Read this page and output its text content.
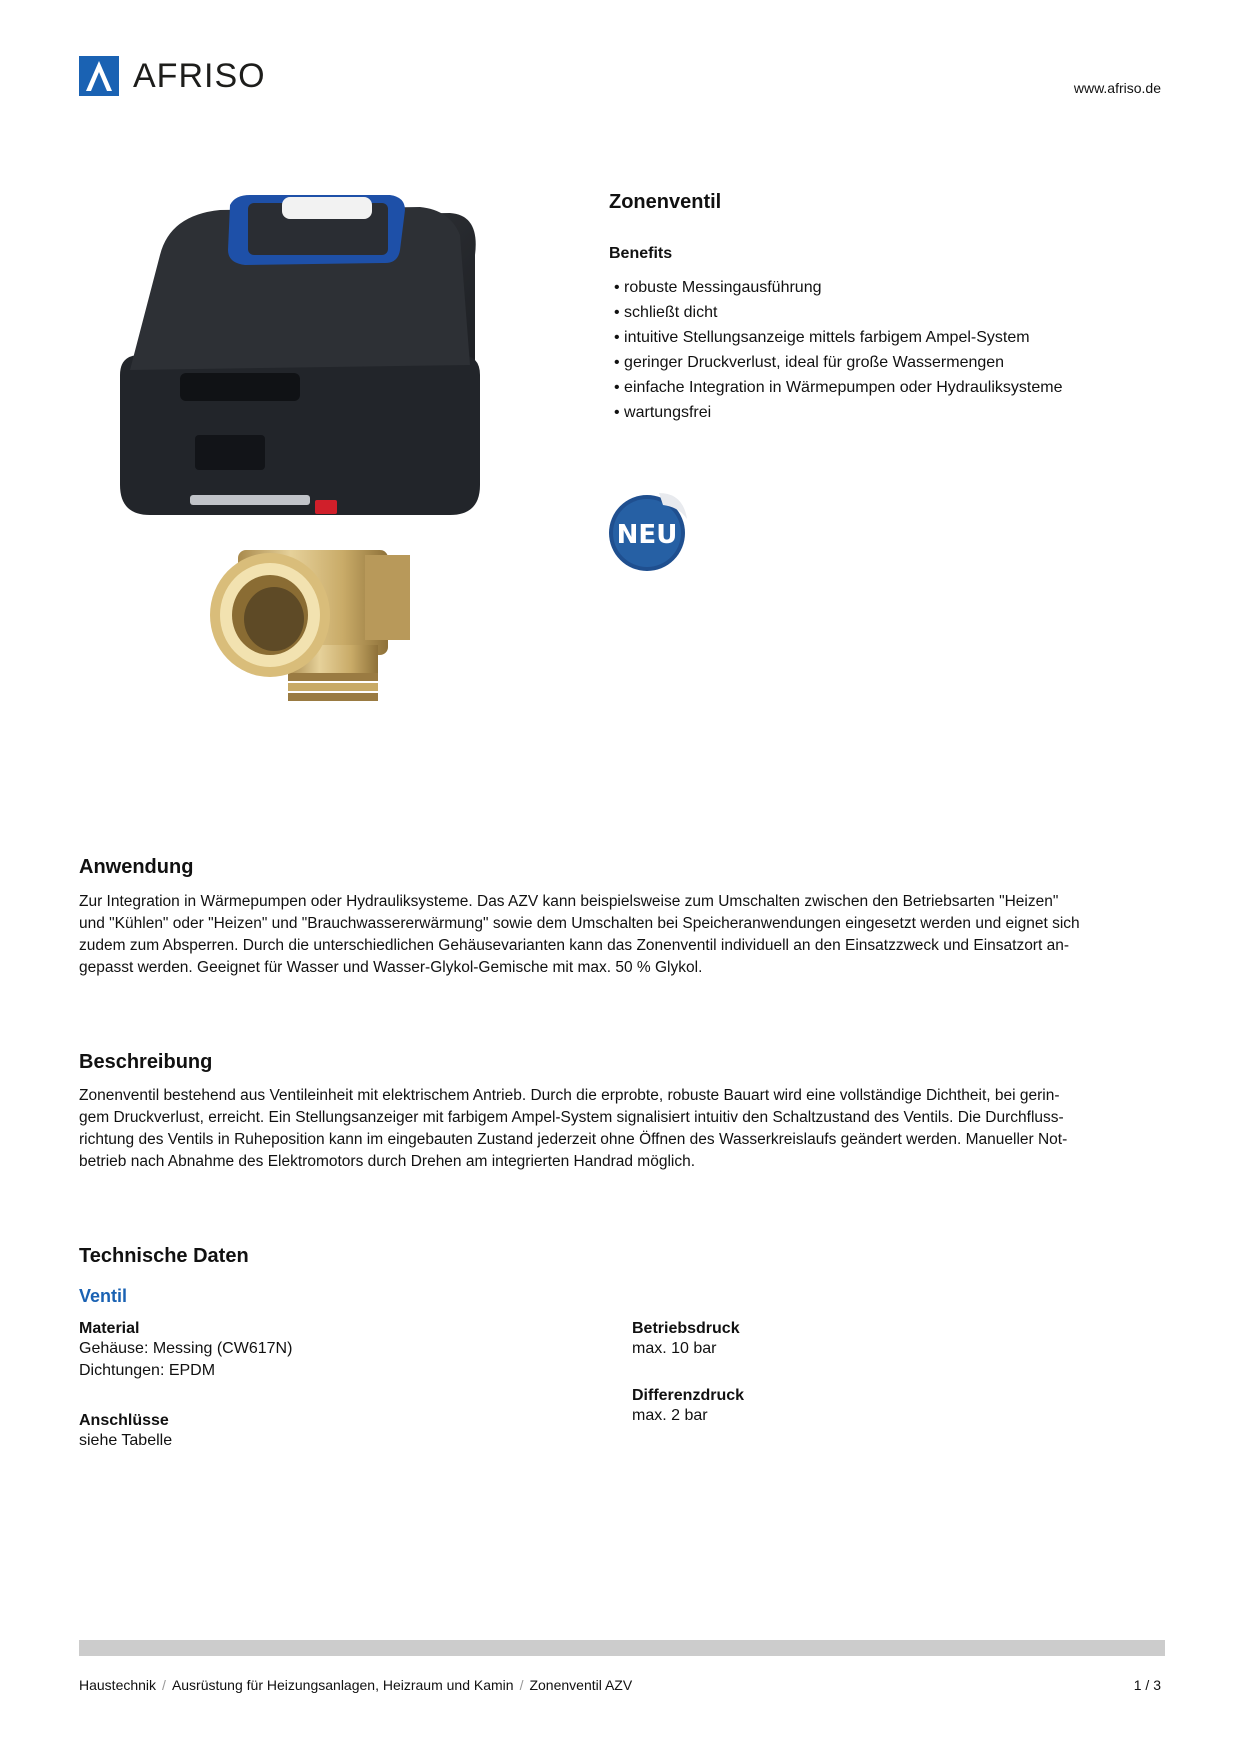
AFRISO	www.afriso.de
Zonenventil
Benefits
• robuste Messingausführung
• schließt dicht
• intuitive Stellungsanzeige mittels farbigem Ampel-System
• geringer Druckverlust, ideal für große Wassermengen
• einfache Integration in Wärmepumpen oder Hydrauliksysteme
• wartungsfrei
NEU
Anwendung
Zur Integration in Wärmepumpen oder Hydrauliksysteme. Das AZV kann beispielsweise zum Umschalten zwischen den Betriebsarten "Heizen"
und "Kühlen" oder "Heizen" und "Brauchwassererwärmung" sowie dem Umschalten bei Speicheranwendungen eingesetzt werden und eignet sich
zudem zum Absperren. Durch die unterschiedlichen Gehäusevarianten kann das Zonenventil individuell an den Einsatzzweck und Einsatzort an-
gepasst werden. Geeignet für Wasser und Wasser-Glykol-Gemische mit max. 50 % Glykol.
Beschreibung
Zonenventil bestehend aus Ventileinheit mit elektrischem Antrieb. Durch die erprobte, robuste Bauart wird eine vollständige Dichtheit, bei gerin-
gem Druckverlust, erreicht. Ein Stellungsanzeiger mit farbigem Ampel-System signalisiert intuitiv den Schaltzustand des Ventils. Die Durchfluss-
richtung des Ventils in Ruheposition kann im eingebauten Zustand jederzeit ohne Öffnen des Wasserkreislaufs geändert werden. Manueller Not-
betrieb nach Abnahme des Elektromotors durch Drehen am integrierten Handrad möglich.
Technische Daten
Ventil
Material
Gehäuse: Messing (CW617N)
Dichtungen: EPDM
Anschlüsse
siehe Tabelle
Betriebsdruck
max. 10 bar
Differenzdruck
max. 2 bar
Haustechnik / Ausrüstung für Heizungsanlagen, Heizraum und Kamin / Zonenventil AZV	1 / 3
